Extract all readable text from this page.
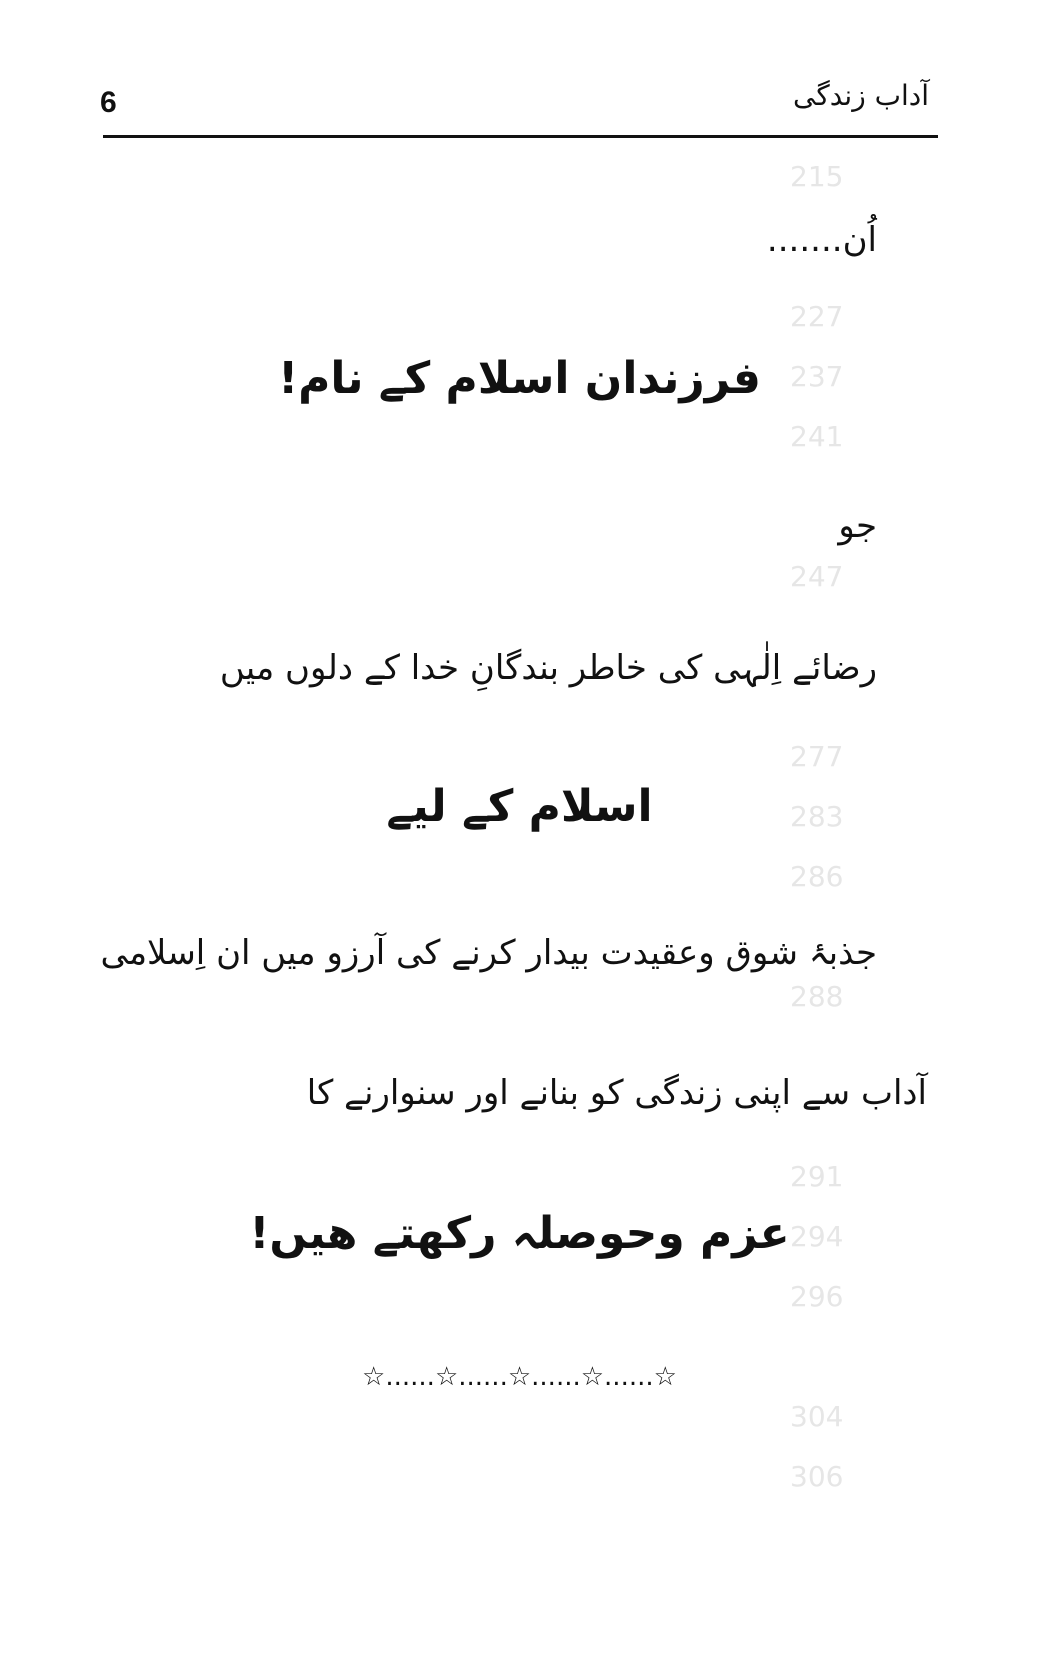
215
227
237
241
247
277
283
286
288
291
294
296
304
306
6	آداب زندگی
اُن.......
فرزندان اسلام کے نام!
جو
رضائے اِلٰہی کی خاطر بندگانِ خدا کے دلوں میں
اسلام کے لیے
جذبۂ شوق وعقیدت بیدار کرنے کی آرزو میں ان اِسلامی
آداب سے اپنی زندگی کو بنانے اور سنوارنے کا
عزم وحوصلہ رکھتے ھیں!
☆......☆......☆......☆......☆
